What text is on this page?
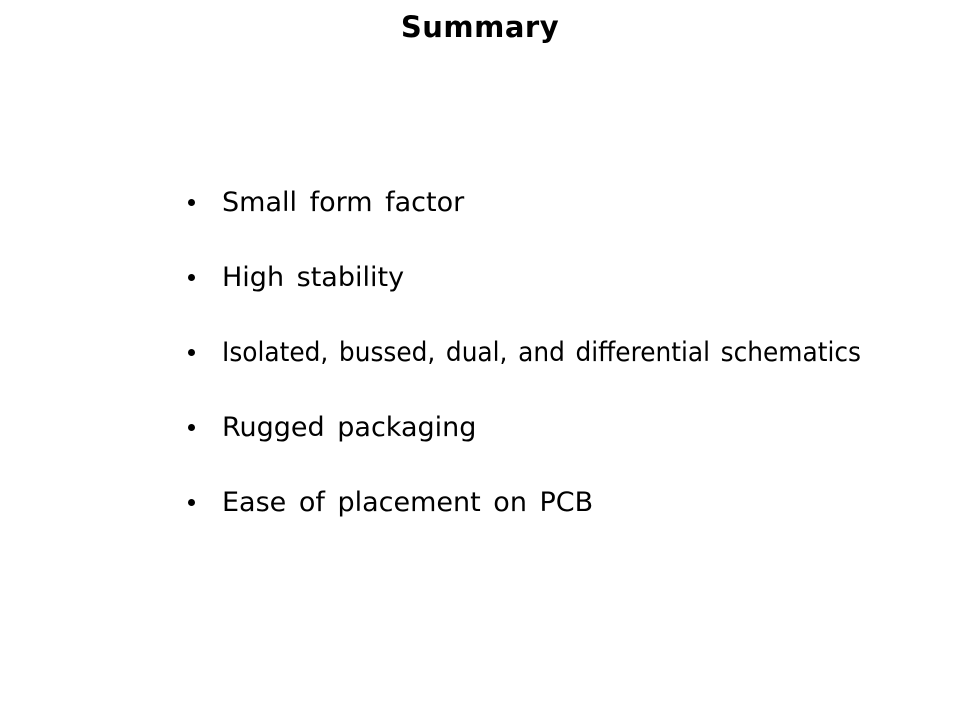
Summary
Small form factor
High stability
Isolated, bussed, dual, and differential schematics
Rugged packaging
Ease of placement on PCB
